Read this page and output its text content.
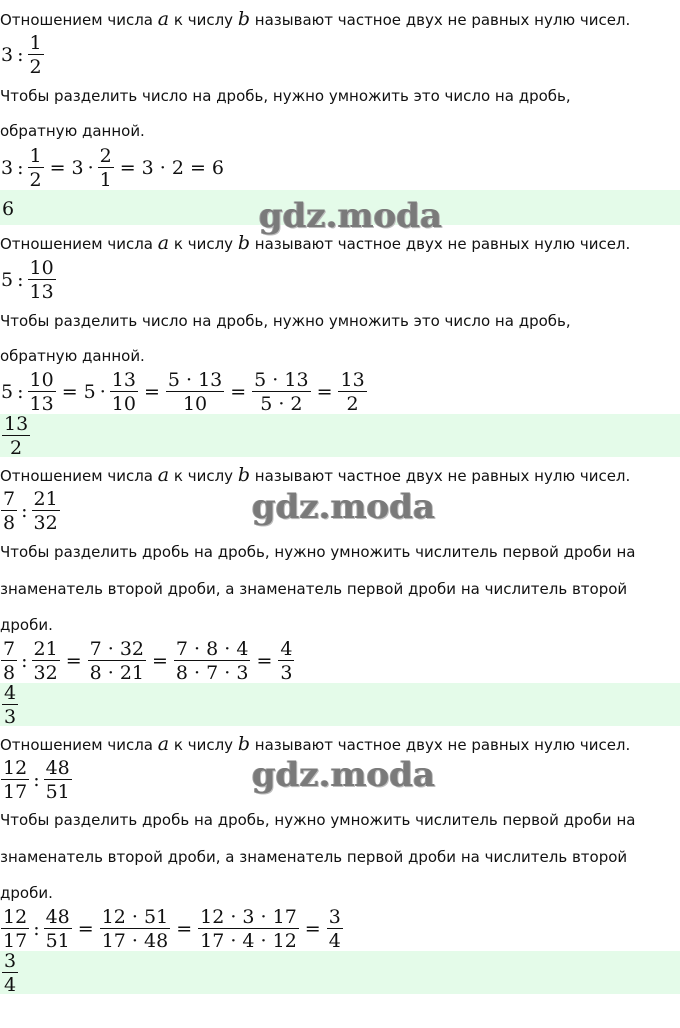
Отношением числа a к числу b называют частное двух не равных нулю чисел.
3 : $\frac{1}{2}$
Чтобы разделить число на дробь, нужно умножить это число на дробь,
обратную данной.
3 : $\frac{1}{2} = 3 \cdot \frac{2}{1} = 3 \cdot 2 = 6$
6	gdz.moda
Отношением числа a к числу b называют частное двух не равных нулю чисел.
5 : $\frac{10}{13}$
Чтобы разделить число на дробь, нужно умножить это число на дробь,
обратную данной.
5 : $\frac{10}{13} = 5 \cdot \frac{13}{10} = \frac{5 \cdot 13}{10} = \frac{5 \cdot 13}{5 \cdot 2} = \frac{13}{2}$
$\frac{13}{2}$
Отношением числа a к числу b называют частное двух не равных нулю чисел.
$\frac{7}{8}$ : $\frac{21}{32}$	gdz.moda
Чтобы разделить дробь на дробь, нужно умножить числитель первой дроби на
знаменатель второй дроби, а знаменатель первой дроби на числитель второй
дроби.
$\frac{7}{8}$ : $\frac{21}{32} = \frac{7 \cdot 32}{8 \cdot 21} = \frac{7 \cdot 8 \cdot 4}{8 \cdot 7 \cdot 3} = \frac{4}{3}$
$\frac{4}{3}$
Отношением числа a к числу b называют частное двух не равных нулю чисел.
$\frac{12}{17}$ : $\frac{48}{51}$	gdz.moda
Чтобы разделить дробь на дробь, нужно умножить числитель первой дроби на
знаменатель второй дроби, а знаменатель первой дроби на числитель второй
дроби.
$\frac{12}{17}$ : $\frac{48}{51} = \frac{12 \cdot 51}{17 \cdot 48} = \frac{12 \cdot 3 \cdot 17}{17 \cdot 4 \cdot 12} = \frac{3}{4}$
$\frac{3}{4}$
